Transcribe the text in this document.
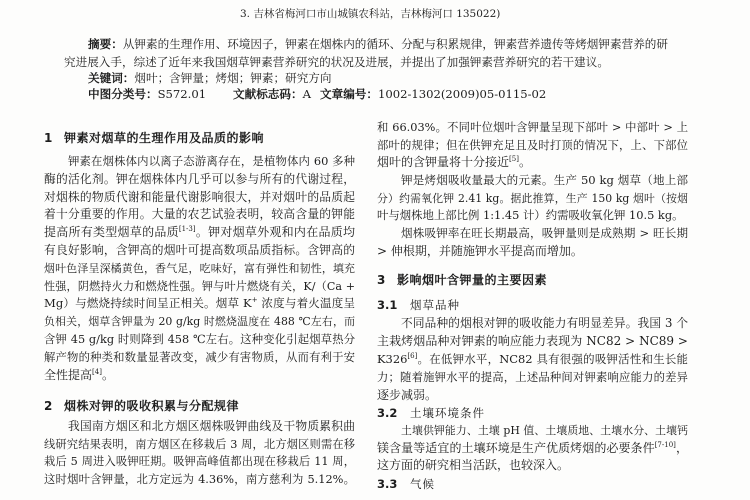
3. 吉林省梅河口市山城镇农科站，吉林梅河口 135022)
摘要：从钾素的生理作用、环境因子，钾素在烟株内的循环、分配与积累规律，钾素营养遗传等烤烟钾素营养的研
究进展入手，综述了近年来我国烟草钾素营养研究的状况及进展，并提出了加强钾素营养研究的若干建议。
关键词：烟叶；含钾量；烤烟；钾素；研究方向
中图分类号：S572.01 文献标志码：A 文章编号：1002-1302(2009)05-0115-02
1 钾素对烟草的生理作用及品质的影响
钾素在烟株体内以离子态游离存在，是植物体内 60 多种
酶的活化剂。钾在烟株体内几乎可以参与所有的代谢过程，
对烟株的物质代谢和能量代谢影响很大，并对烟叶的品质起
着十分重要的作用。大量的农艺试验表明，较高含量的钾能
提高所有类型烟草的品质[1-3]。钾对烟草外观和内在品质均
有良好影响，含钾高的烟叶可提高数项品质指标。含钾高的
烟叶色泽呈深橘黄色，香气足，吃味好，富有弹性和韧性，填充
性强，阴燃持火力和燃烧性强。钾与叶片燃烧有关，K/（Ca +
Mg）与燃烧持续时间呈正相关。烟草 K+ 浓度与着火温度呈
负相关，烟草含钾量为 20 g/kg 时燃烧温度在 488 ℃左右，而
含钾 45 g/kg 时则降到 458 ℃左右。这种变化引起烟草热分
解产物的种类和数量显著改变，减少有害物质，从而有利于安
全性提高[4]。
2 烟株对钾的吸收积累与分配规律
我国南方烟区和北方烟区烟株吸钾曲线及干物质累积曲
线研究结果表明，南方烟区在移栽后 3 周，北方烟区则需在移
栽后 5 周进入吸钾旺期。吸钾高峰值都出现在移栽后 11 周，
这时烟叶含钾量，北方定远为 4.36%，南方慈利为 5.12%。
和 66.03%。不同叶位烟叶含钾量呈现下部叶 > 中部叶 > 上
部叶的规律；但在供钾充足且及时打顶的情况下，上、下部位
烟叶的含钾量将十分接近[5]。
钾是烤烟吸收量最大的元素。生产 50 kg 烟草（地上部
分）约需氧化钾 2.41 kg。据此推算，生产 150 kg 烟叶（按烟
叶与烟株地上部比例 1:1.45 计）约需吸收氧化钾 10.5 kg。
烟株吸钾率在旺长期最高，吸钾量则是成熟期 > 旺长期
> 伸根期，并随施钾水平提高而增加。
3 影响烟叶含钾量的主要因素
3.1 烟草品种
不同品种的烟根对钾的吸收能力有明显差异。我国 3 个
主栽烤烟品种对钾素的响应能力表现为 NC82 > NC89 >
K326[6]。在低钾水平，NC82 具有很强的吸钾活性和生长能
力；随着施钾水平的提高，上述品种间对钾素响应能力的差异
逐步减弱。
3.2 土壤环境条件
土壤供钾能力、土壤 pH 值、土壤质地、土壤水分、土壤钙
镁含量等适宜的土壤环境是生产优质烤烟的必要条件[7-10]，
这方面的研究相当活跃，也较深入。
3.3 气候
